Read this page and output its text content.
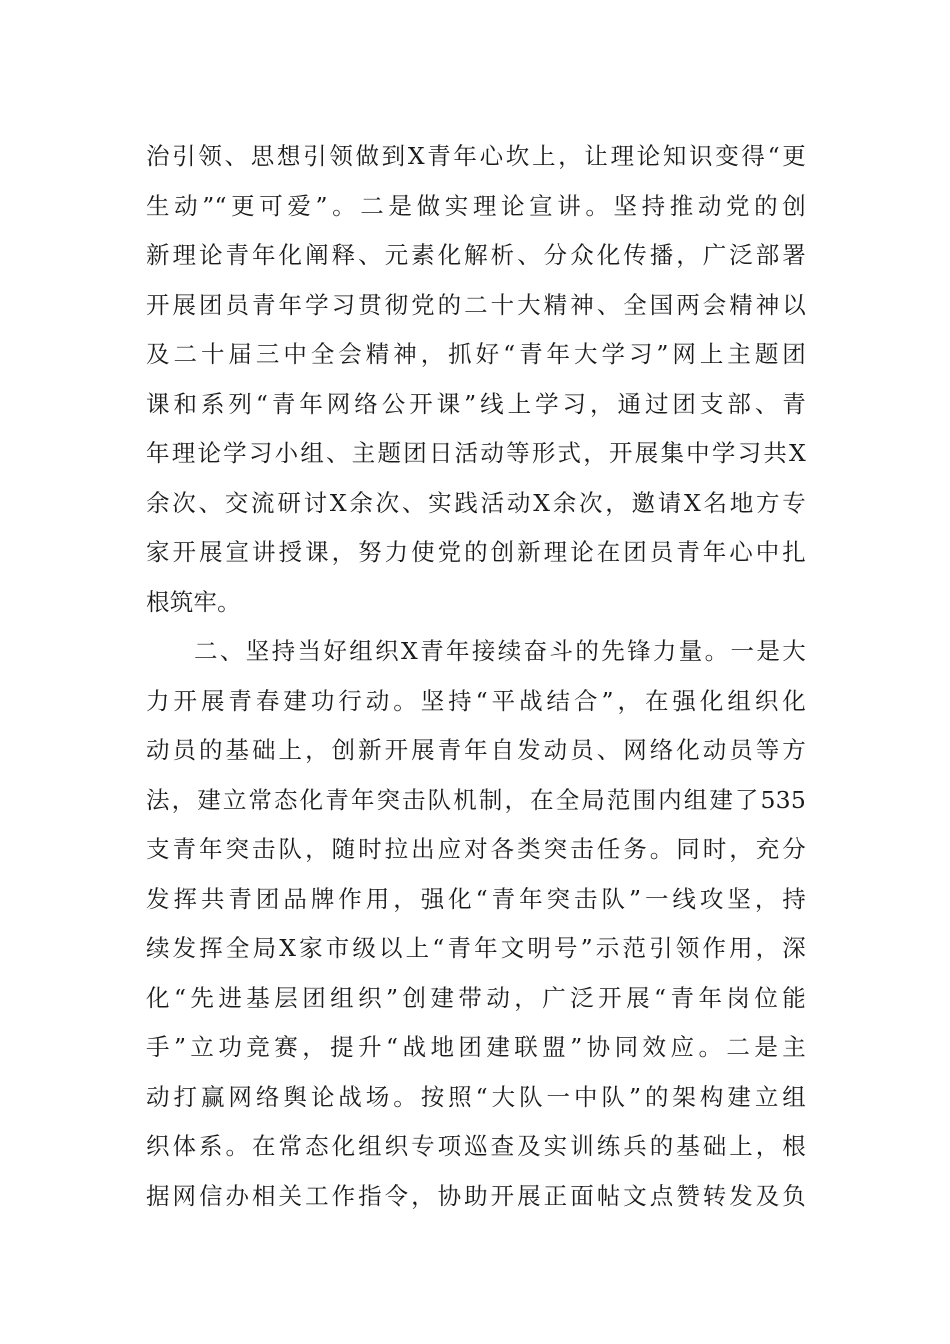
治引领、思想引领做到X青年心坎上，让理论知识变得“更
生动”“更可爱”。二是做实理论宣讲。坚持推动党的创
新理论青年化阐释、元素化解析、分众化传播，广泛部署
开展团员青年学习贯彻党的二十大精神、全国两会精神以
及二十届三中全会精神，抓好“青年大学习”网上主题团
课和系列“青年网络公开课”线上学习，通过团支部、青
年理论学习小组、主题团日活动等形式，开展集中学习共X
余次、交流研讨X余次、实践活动X余次，邀请X名地方专
家开展宣讲授课，努力使党的创新理论在团员青年心中扎
根筑牢。
二、坚持当好组织X青年接续奋斗的先锋力量。一是大
力开展青春建功行动。坚持“平战结合”，在强化组织化
动员的基础上，创新开展青年自发动员、网络化动员等方
法，建立常态化青年突击队机制，在全局范围内组建了535
支青年突击队，随时拉出应对各类突击任务。同时，充分
发挥共青团品牌作用，强化“青年突击队”一线攻坚，持
续发挥全局X家市级以上“青年文明号”示范引领作用，深
化“先进基层团组织”创建带动，广泛开展“青年岗位能
手”立功竞赛，提升“战地团建联盟”协同效应。二是主
动打赢网络舆论战场。按照“大队一中队”的架构建立组
织体系。在常态化组织专项巡查及实训练兵的基础上，根
据网信办相关工作指令，协助开展正面帖文点赞转发及负
